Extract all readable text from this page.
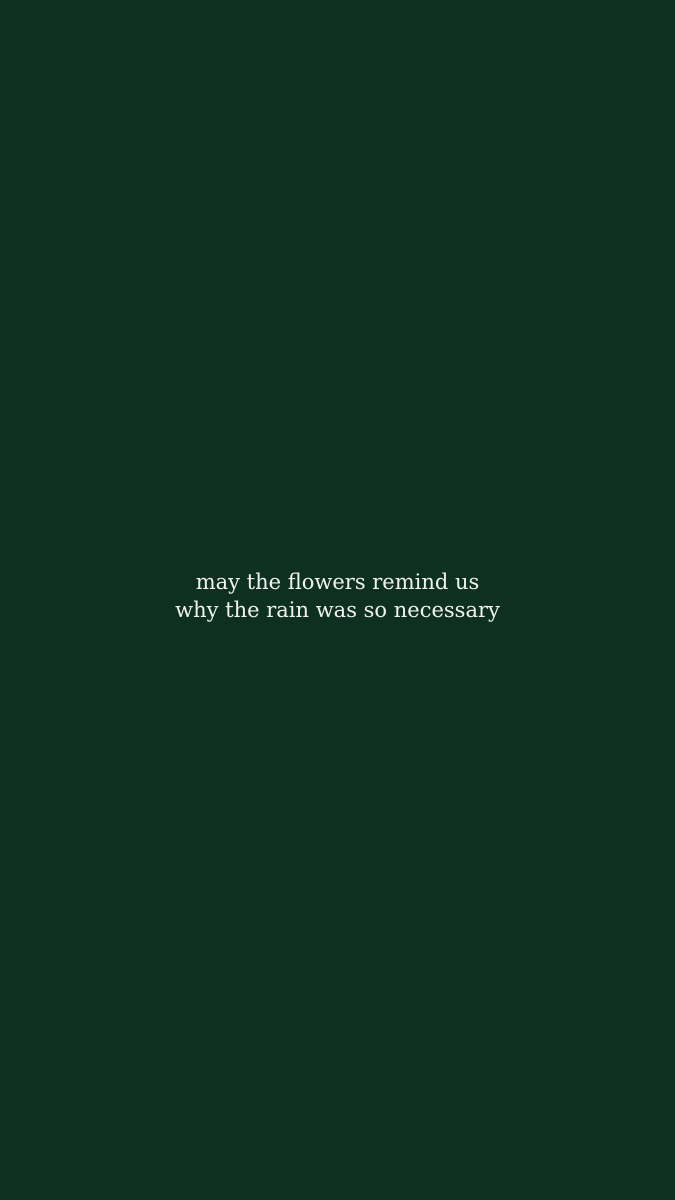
may the flowers remind us
why the rain was so necessary
